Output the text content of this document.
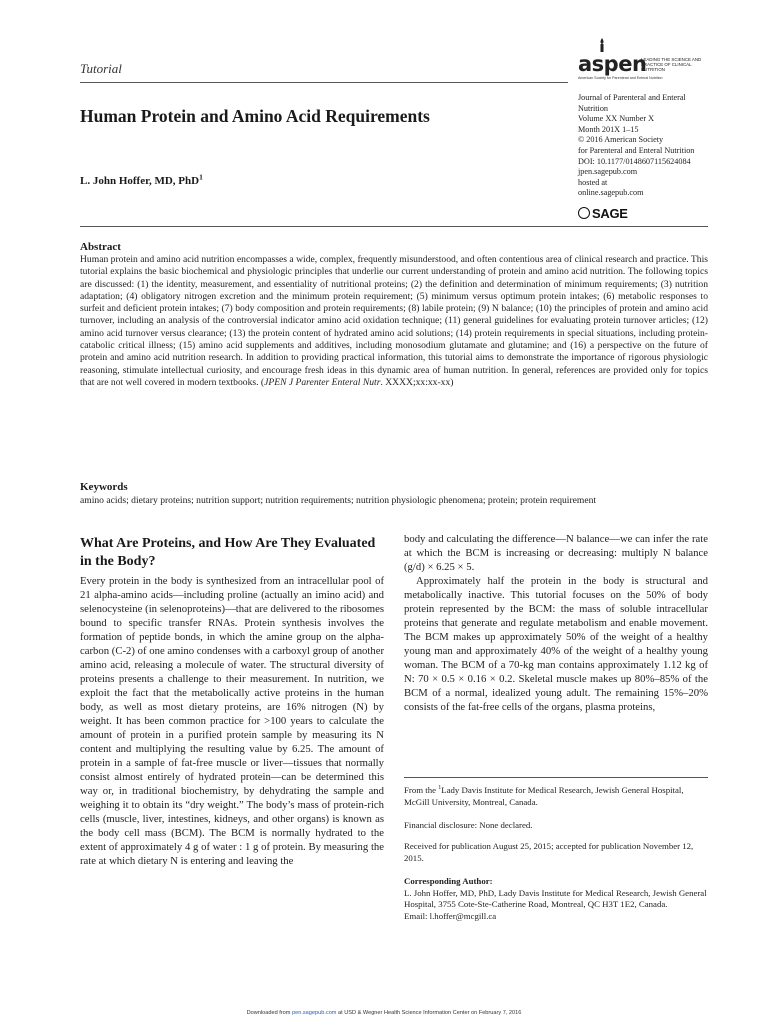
Tutorial	aspen
LEADING THE SCIENCE AND PRACTICE OF CLINICAL NUTRITION
American Society for Parenteral and Enteral Nutrition
Human Protein and Amino Acid Requirements
L. John Hoffer, MD, PhD$^1$
Journal of Parenteral and Enteral
Nutrition
Volume XX Number X
Month 201X 1–15
© 2016 American Society
for Parenteral and Enteral Nutrition
DOI: 10.1177/0148607115624084
jpen.sagepub.com
hosted at
online.sagepub.com
SAGE
Abstract
Human protein and amino acid nutrition encompasses a wide, complex, frequently misunderstood, and often contentious area of clinical research and practice. This tutorial explains the basic biochemical and physiologic principles that underlie our current understanding of protein and amino acid nutrition. The following topics are discussed: (1) the identity, measurement, and essentiality of nutritional proteins; (2) the definition and determination of minimum requirements; (3) nutrition adaptation; (4) obligatory nitrogen excretion and the minimum protein requirement; (5) minimum versus optimum protein intakes; (6) metabolic responses to surfeit and deficient protein intakes; (7) body composition and protein requirements; (8) labile protein; (9) N balance; (10) the principles of protein and amino acid turnover, including an analysis of the controversial indicator amino acid oxidation technique; (11) general guidelines for evaluating protein turnover articles; (12) amino acid turnover versus clearance; (13) the protein content of hydrated amino acid solutions; (14) protein requirements in special situations, including protein-catabolic critical illness; (15) amino acid supplements and additives, including monosodium glutamate and glutamine; and (16) a perspective on the future of protein and amino acid nutrition research. In addition to providing practical information, this tutorial aims to demonstrate the importance of rigorous physiologic reasoning, stimulate intellectual curiosity, and encourage fresh ideas in this dynamic area of human nutrition. In general, references are provided only for topics that are not well covered in modern textbooks. (JPEN J Parenter Enteral Nutr. XXXX;xx:xx-xx)
Keywords
amino acids; dietary proteins; nutrition support; nutrition requirements; nutrition physiologic phenomena; protein; protein requirement
What Are Proteins, and How Are They Evaluated in the Body?

Every protein in the body is synthesized from an intracellular pool of 21 alpha-amino acids—including proline (actually an imino acid) and selenocysteine (in selenoproteins)—that are delivered to the ribosomes bound to specific transfer RNAs. Protein synthesis involves the formation of peptide bonds, in which the amine group on the alpha-carbon (C-2) of one amino condenses with a carboxyl group of another amino acid, releasing a molecule of water. The structural diversity of proteins presents a challenge to their measurement. In nutrition, we exploit the fact that the metabolically active proteins in the human body, as well as most dietary proteins, are 16% nitrogen (N) by weight. It has been common practice for >100 years to calculate the amount of protein in a purified protein sample by measuring its N content and multiplying the resulting value by 6.25. The amount of protein in a sample of fat-free muscle or liver—tissues that normally consist almost entirely of hydrated protein—can be determined this way or, in traditional biochemistry, by dehydrating the sample and weighing it to obtain its “dry weight.” The body’s mass of protein-rich cells (muscle, liver, intestines, kidneys, and other organs) is known as the body cell mass (BCM). The BCM is normally hydrated to the extent of approximately 4 g of water : 1 g of protein. By measuring the rate at which dietary N is entering and leaving the

body and calculating the difference—N balance—we can infer the rate at which the BCM is increasing or decreasing: multiply N balance (g/d) × 6.25 × 5.

Approximately half the protein in the body is structural and metabolically inactive. This tutorial focuses on the 50% of body protein represented by the BCM: the mass of soluble intracellular proteins that generate and regulate metabolism and enable movement. The BCM makes up approximately 50% of the weight of a healthy young man and approximately 40% of the weight of a healthy young woman. The BCM of a 70-kg man contains approximately 1.12 kg of N: 70 × 0.5 × 0.16 × 0.2. Skeletal muscle makes up 80%–85% of the BCM of a normal, idealized young adult. The remaining 15%–20% consists of the fat-free cells of the organs, plasma proteins,

From the $^1$Lady Davis Institute for Medical Research, Jewish General Hospital, McGill University, Montreal, Canada.
Financial disclosure: None declared.
Received for publication August 25, 2015; accepted for publication November 12, 2015.
Corresponding Author:
L. John Hoffer, MD, PhD, Lady Davis Institute for Medical Research, Jewish General Hospital, 3755 Cote-Ste-Catherine Road, Montreal, QC H3T 1E2, Canada.
Email: l.hoffer@mcgill.ca
Downloaded from pen.sagepub.com at USD & Wegner Health Science Information Center on February 7, 2016
